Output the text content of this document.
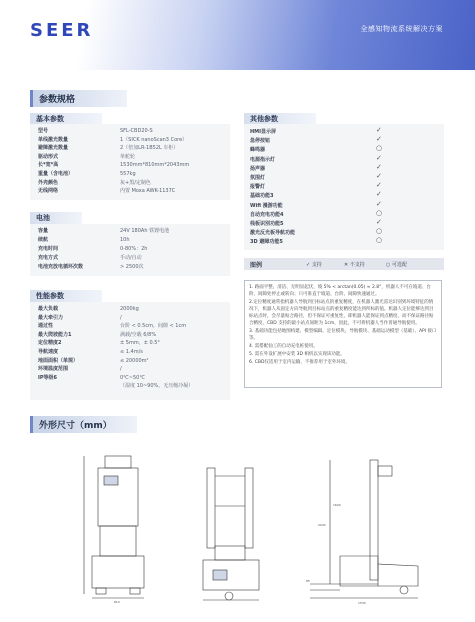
SEER	全感知物流系统解决方案
参数规格
基本参数
型号	SFL-CBD20-S
单线激光数量	1（SICK nanoScan3 Core）
避障激光数量	2（倍加LR-1B52L 车柜）
驱动形式	单舵轮
长*宽*高	1530mm*810mm*2043mm
重量（含电池）	557kg
外壳颜色	灰+黑/定制色
无线网络	内置 Moxa AWK-1137C
电池
容量	24V 180Ah 铁锂电池
续航	10h
充电时间	0-80%：2h
充电方式	手动/自动
电池充放电循环次数	> 2500次
性能参数
最大负载	2000kg
最大牵引力	/
通过性	台阶 < 0.5cm，间隙 < 1cm
最大爬坡能力1	满载/空载 6/8%
定位精度2	± 5mm，± 0.5°
导航速度	≤ 1.4m/s
地面面积（单规）	≤ 20000m²
环境温度范围	/
IP等级6	0℃~50℃
（湿度 10~90%，无压缩冷凝）
其他参数
HMI显示屏	✓
急停按钮	✓
蜂鸣器	○
电源指示灯	✓
扬声器	✓
氛围灯	✓
报警灯	✓
基础功能3	✓
Wifi 漫游功能	✓
自动充电功能4	○
栈板识别功能5	✓
激光反光板导航功能	○
3D 避障功能5	○
图例	✓ 支持	✕ 不支持	○ 可选配

1. 路面平整、清洁、无明显起伏，坡 5% < arctan(0.05) ≈ 2.8°，机器人不可在坡道、台阶、间隙处停止或转向；只可垂直于坡道、台阶、间隙快速通过。

2.定位精度通常指机器人导航到目标站点的重复精度，在机器人激光雷达识别到环境特征的情况下，机器人从固定方向导航到目标站点的重复精度能达到所标的值。机器人定位能够达到目标站点时，会尽量贴合路径，但不保证可重复性，即机器人能保证到点精度，而不保证路径贴合精度，CBD 支持的最小站点间距为 1cm，因此，不可将机器人当作普通导航使用。

3. 基础功能包括地图构建、模型编辑、定位模块、导航模块、基础运动模型（基础）、API 接口等。

4. 需搭配仙工的自动充电桩使用。

5. 需在外设扩展中安装 3D 相机以实现该功能。

6. CBD仅适用于室内运输，不推荐用于室外环境。

外形尺寸（mm）
810	1530
2043
85
1600
